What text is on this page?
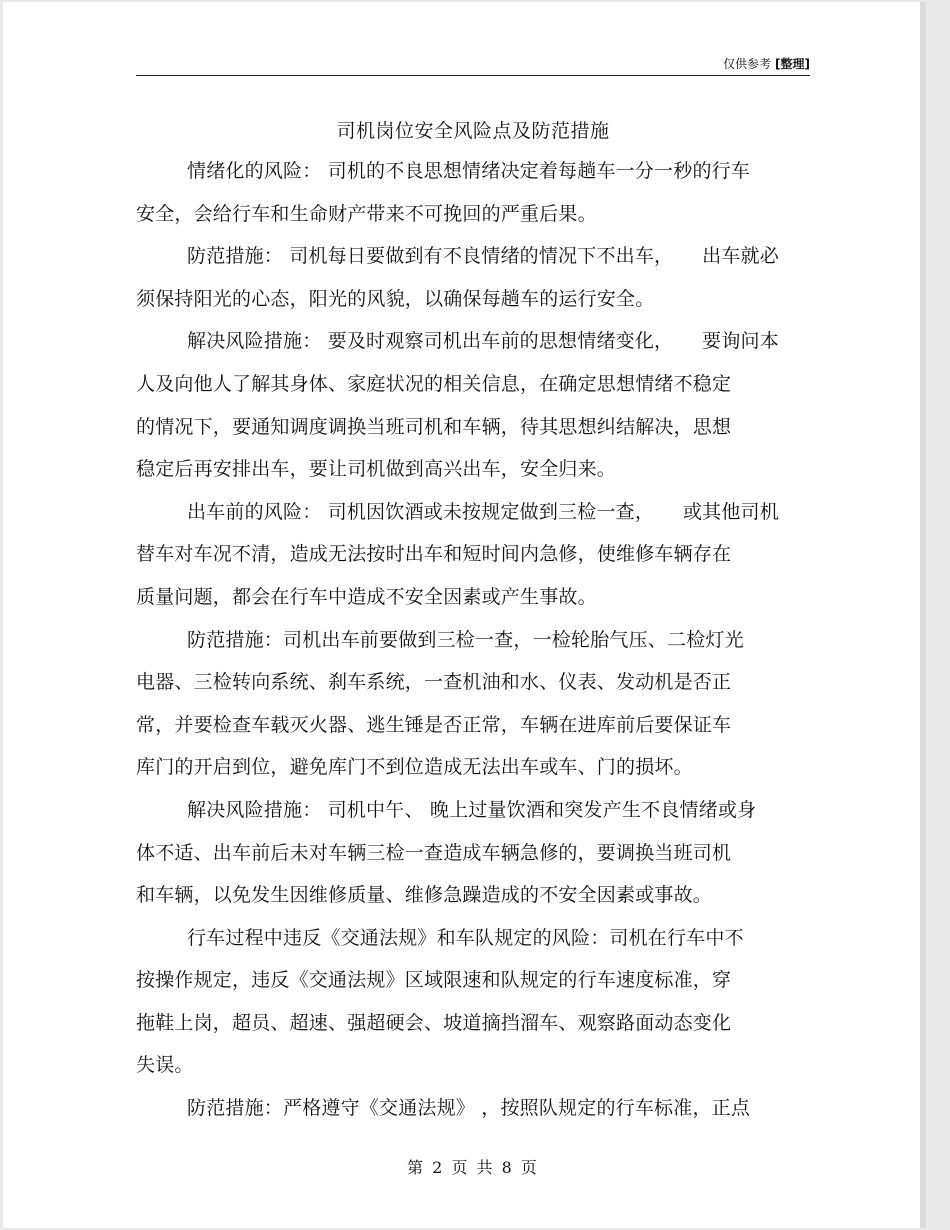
仅供参考 [整理]
司机岗位安全风险点及防范措施
情绪化的风险： 司机的不良思想情绪决定着每趟车一分一秒的行车
安全，会给行车和生命财产带来不可挽回的严重后果。
防范措施： 司机每日要做到有不良情绪的情况下不出车，　　出车就必
须保持阳光的心态，阳光的风貌，以确保每趟车的运行安全。
解决风险措施： 要及时观察司机出车前的思想情绪变化，　　要询问本
人及向他人了解其身体、家庭状况的相关信息，在确定思想情绪不稳定
的情况下，要通知调度调换当班司机和车辆，待其思想纠结解决，思想
稳定后再安排出车，要让司机做到高兴出车，安全归来。
出车前的风险： 司机因饮酒或未按规定做到三检一查，　　或其他司机
替车对车况不清，造成无法按时出车和短时间内急修，使维修车辆存在
质量问题，都会在行车中造成不安全因素或产生事故。
防范措施：司机出车前要做到三检一查，一检轮胎气压、二检灯光
电器、三检转向系统、刹车系统，一查机油和水、仪表、发动机是否正
常，并要检查车载灭火器、逃生锤是否正常，车辆在进库前后要保证车
库门的开启到位，避免库门不到位造成无法出车或车、门的损坏。
解决风险措施： 司机中午、 晚上过量饮酒和突发产生不良情绪或身
体不适、出车前后未对车辆三检一查造成车辆急修的，要调换当班司机
和车辆，以免发生因维修质量、维修急躁造成的不安全因素或事故。
行车过程中违反《交通法规》和车队规定的风险：司机在行车中不
按操作规定，违反《交通法规》区域限速和队规定的行车速度标准，穿
拖鞋上岗，超员、超速、强超硬会、坡道摘挡溜车、观察路面动态变化
失误。
防范措施：严格遵守《交通法规》 ，按照队规定的行车标准，正点
第 2 页 共 8 页
